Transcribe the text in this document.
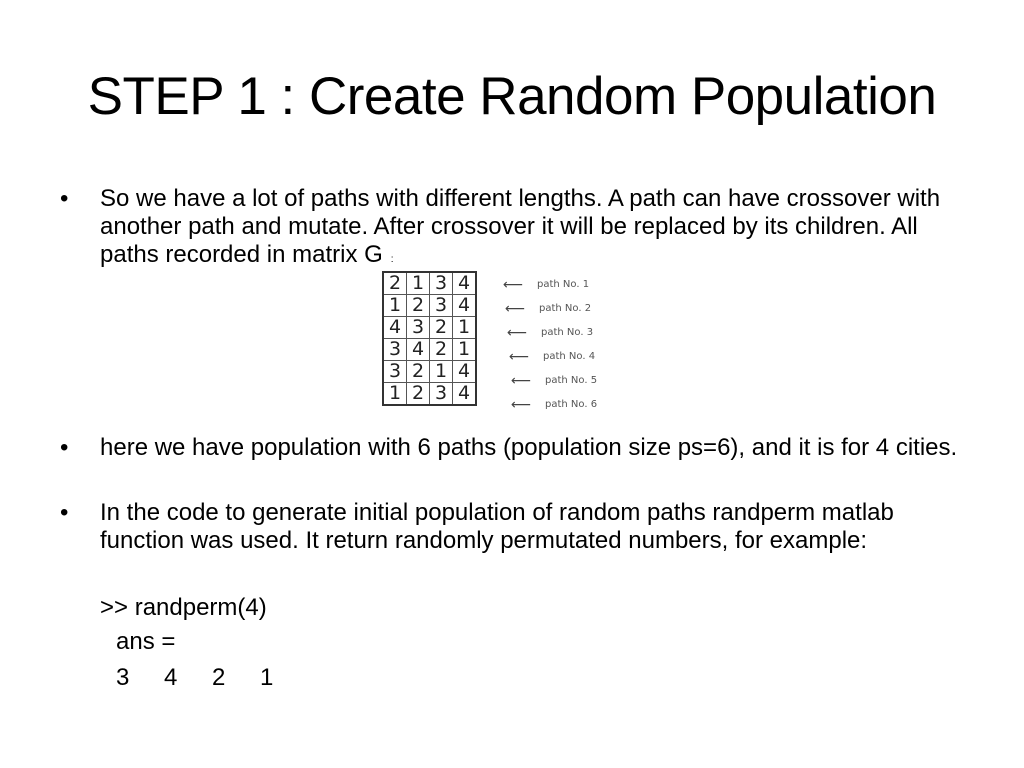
STEP 1 : Create Random Population
• So we have a lot of paths with different lengths. A path can have crossover with another path and mutate. After crossover it will be replaced by its children. All paths recorded in matrix G :
2	1	3	4
1	2	3	4
4	3	2	1
3	4	2	1
3	2	1	4
1	2	3	4
⟵	path No. 1
⟵	path No. 2
⟵	path No. 3
⟵	path No. 4
⟵	path No. 5
⟵	path No. 6
• here we have population with 6 paths (population size ps=6), and it is for 4 cities.
• In the code to generate initial population of random paths randperm matlab function was used. It return randomly permutated numbers, for example:
>> randperm(4)
ans =
3 4 2 1
